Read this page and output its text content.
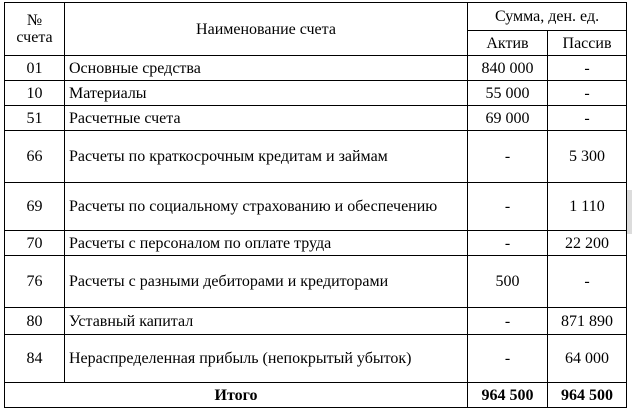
№ счета	Наименование счета	Сумма, ден. ед.	
		Актив	Пассив
01	Основные средства	840 000	-
10	Материалы	55 000	-
51	Расчетные счета	69 000	-
66	Расчеты по краткосрочным кредитам и займам	-	5 300
69	Расчеты по социальному страхованию и обеспечению	-	1 110
70	Расчеты с персоналом по оплате труда	-	22 200
76	Расчеты с разными дебиторами и кредиторами	500	-
80	Уставный капитал	-	871 890
84	Нераспределенная прибыль (непокрытый убыток)	-	64 000
Итого		964 500	964 500
